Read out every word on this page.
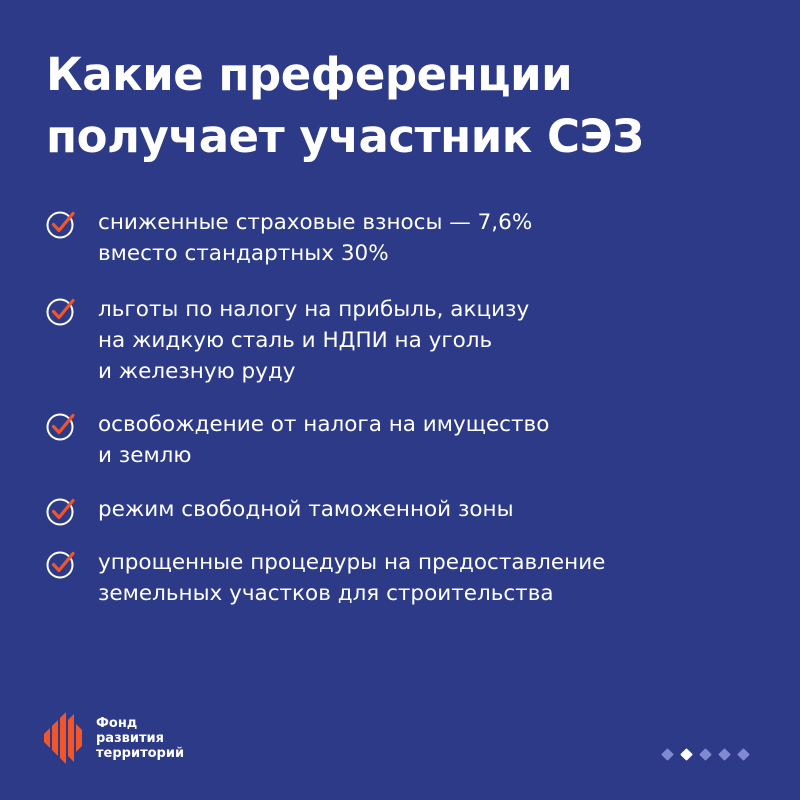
Какие преференции
получает участник СЭЗ
сниженные страховые взносы — 7,6%
вместо стандартных 30%
льготы по налогу на прибыль, акцизу
на жидкую сталь и НДПИ на уголь
и железную руду
освобождение от налога на имущество
и землю
режим свободной таможенной зоны
упрощенные процедуры на предоставление
земельных участков для строительства
Фонд
развития
территорий
